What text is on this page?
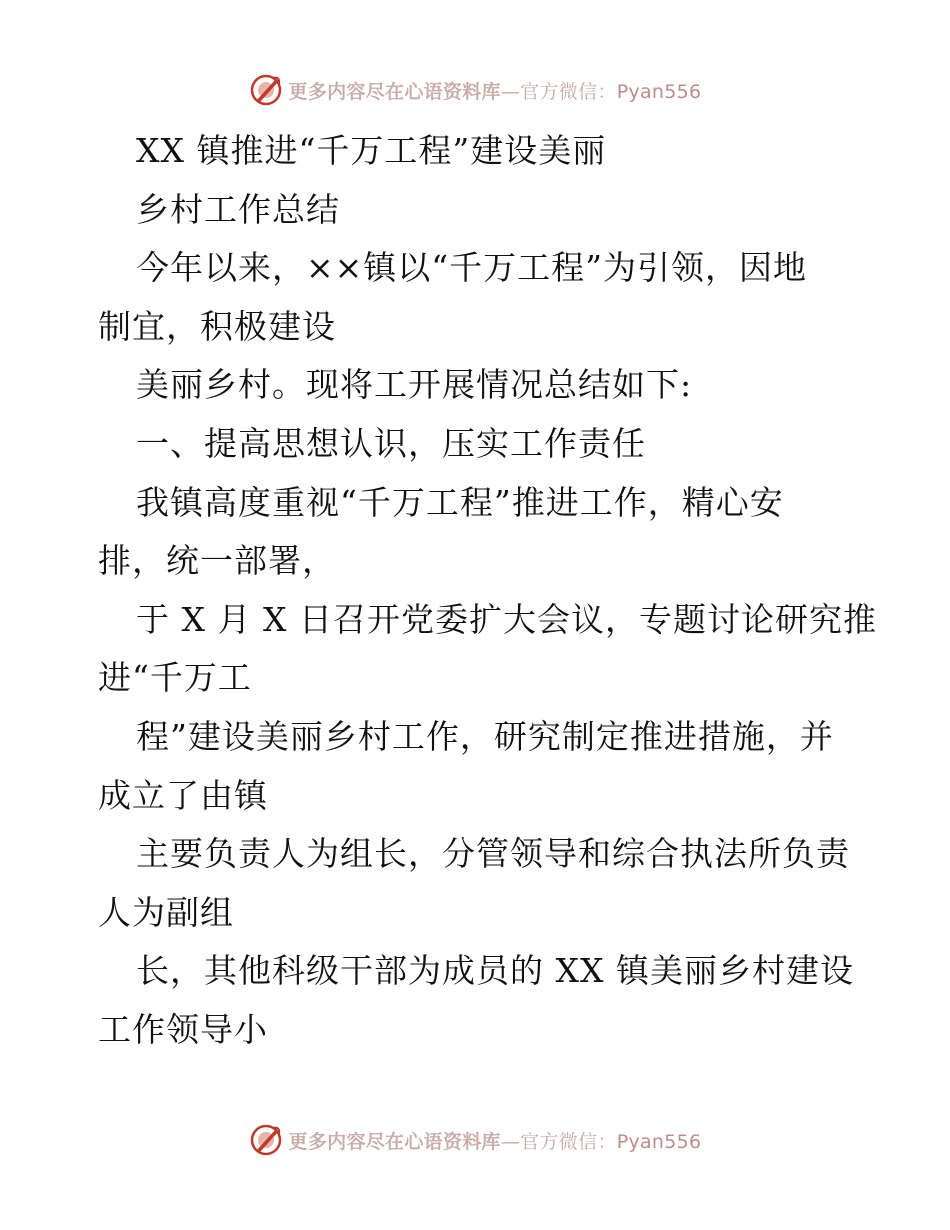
更多内容尽在心语资料库—官方微信：Pyan556
XX 镇推进“千万工程”建设美丽
乡村工作总结
今年以来，××镇以“千万工程”为引领，因地
制宜，积极建设
美丽乡村。现将工开展情况总结如下:
一、提高思想认识，压实工作责任
我镇高度重视“千万工程”推进工作，精心安
排，统一部署，
于 X 月 X 日召开党委扩大会议，专题讨论研究推
进“千万工
程”建设美丽乡村工作，研究制定推进措施，并
成立了由镇
主要负责人为组长，分管领导和综合执法所负责
人为副组
长，其他科级干部为成员的 XX 镇美丽乡村建设
工作领导小
更多内容尽在心语资料库—官方微信：Pyan556
